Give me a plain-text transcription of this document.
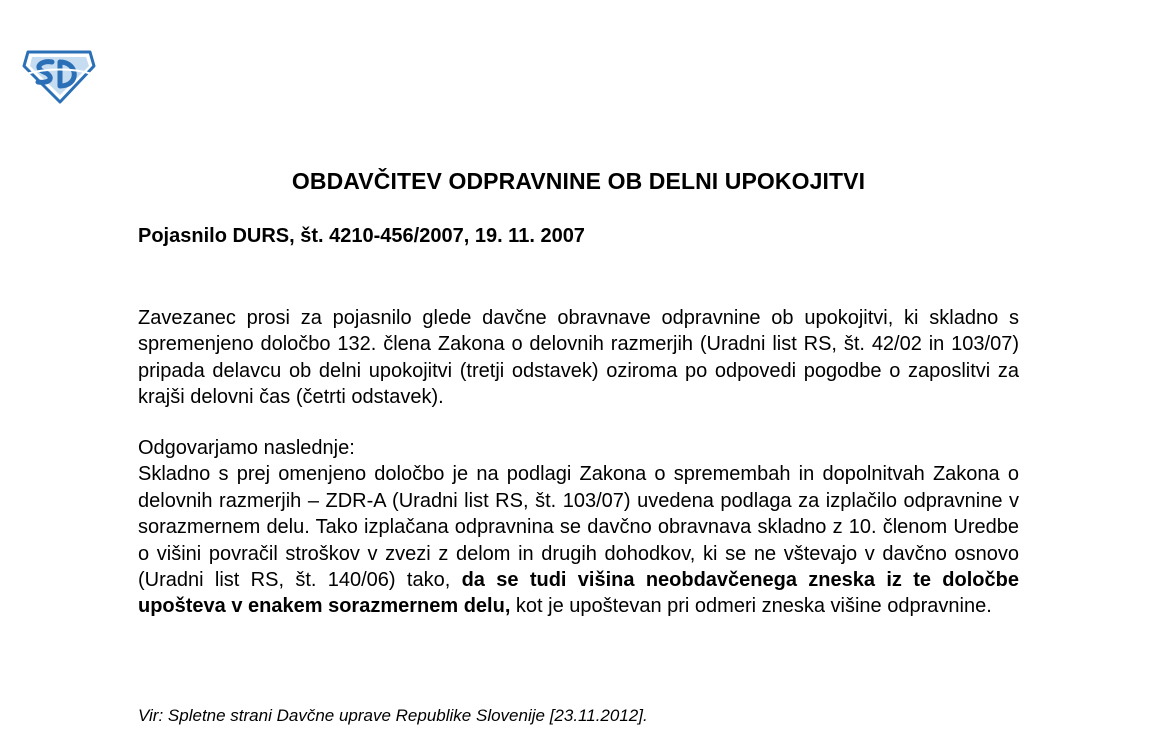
OBDAVČITEV ODPRAVNINE OB DELNI UPOKOJITVI
Pojasnilo DURS, št. 4210-456/2007, 19. 11. 2007
Zavezanec prosi za pojasnilo glede davčne obravnave odpravnine ob upokojitvi, ki skladno s spremenjeno določbo 132. člena Zakona o delovnih razmerjih (Uradni list RS, št. 42/02 in 103/07) pripada delavcu ob delni upokojitvi (tretji odstavek) oziroma po odpovedi pogodbe o zaposlitvi za krajši delovni čas (četrti odstavek).
Odgovarjamo naslednje:
Skladno s prej omenjeno določbo je na podlagi Zakona o spremembah in dopolnitvah Zakona o delovnih razmerjih – ZDR-A (Uradni list RS, št. 103/07) uvedena podlaga za izplačilo odpravnine v sorazmernem delu. Tako izplačana odpravnina se davčno obravnava skladno z 10. členom Uredbe o višini povračil stroškov v zvezi z delom in drugih dohodkov, ki se ne vštevajo v davčno osnovo (Uradni list RS, št. 140/06) tako, da se tudi višina neobdavčenega zneska iz te določbe upošteva v enakem sorazmernem delu, kot je upoštevan pri odmeri zneska višine odpravnine.
Vir: Spletne strani Davčne uprave Republike Slovenije [23.11.2012].
